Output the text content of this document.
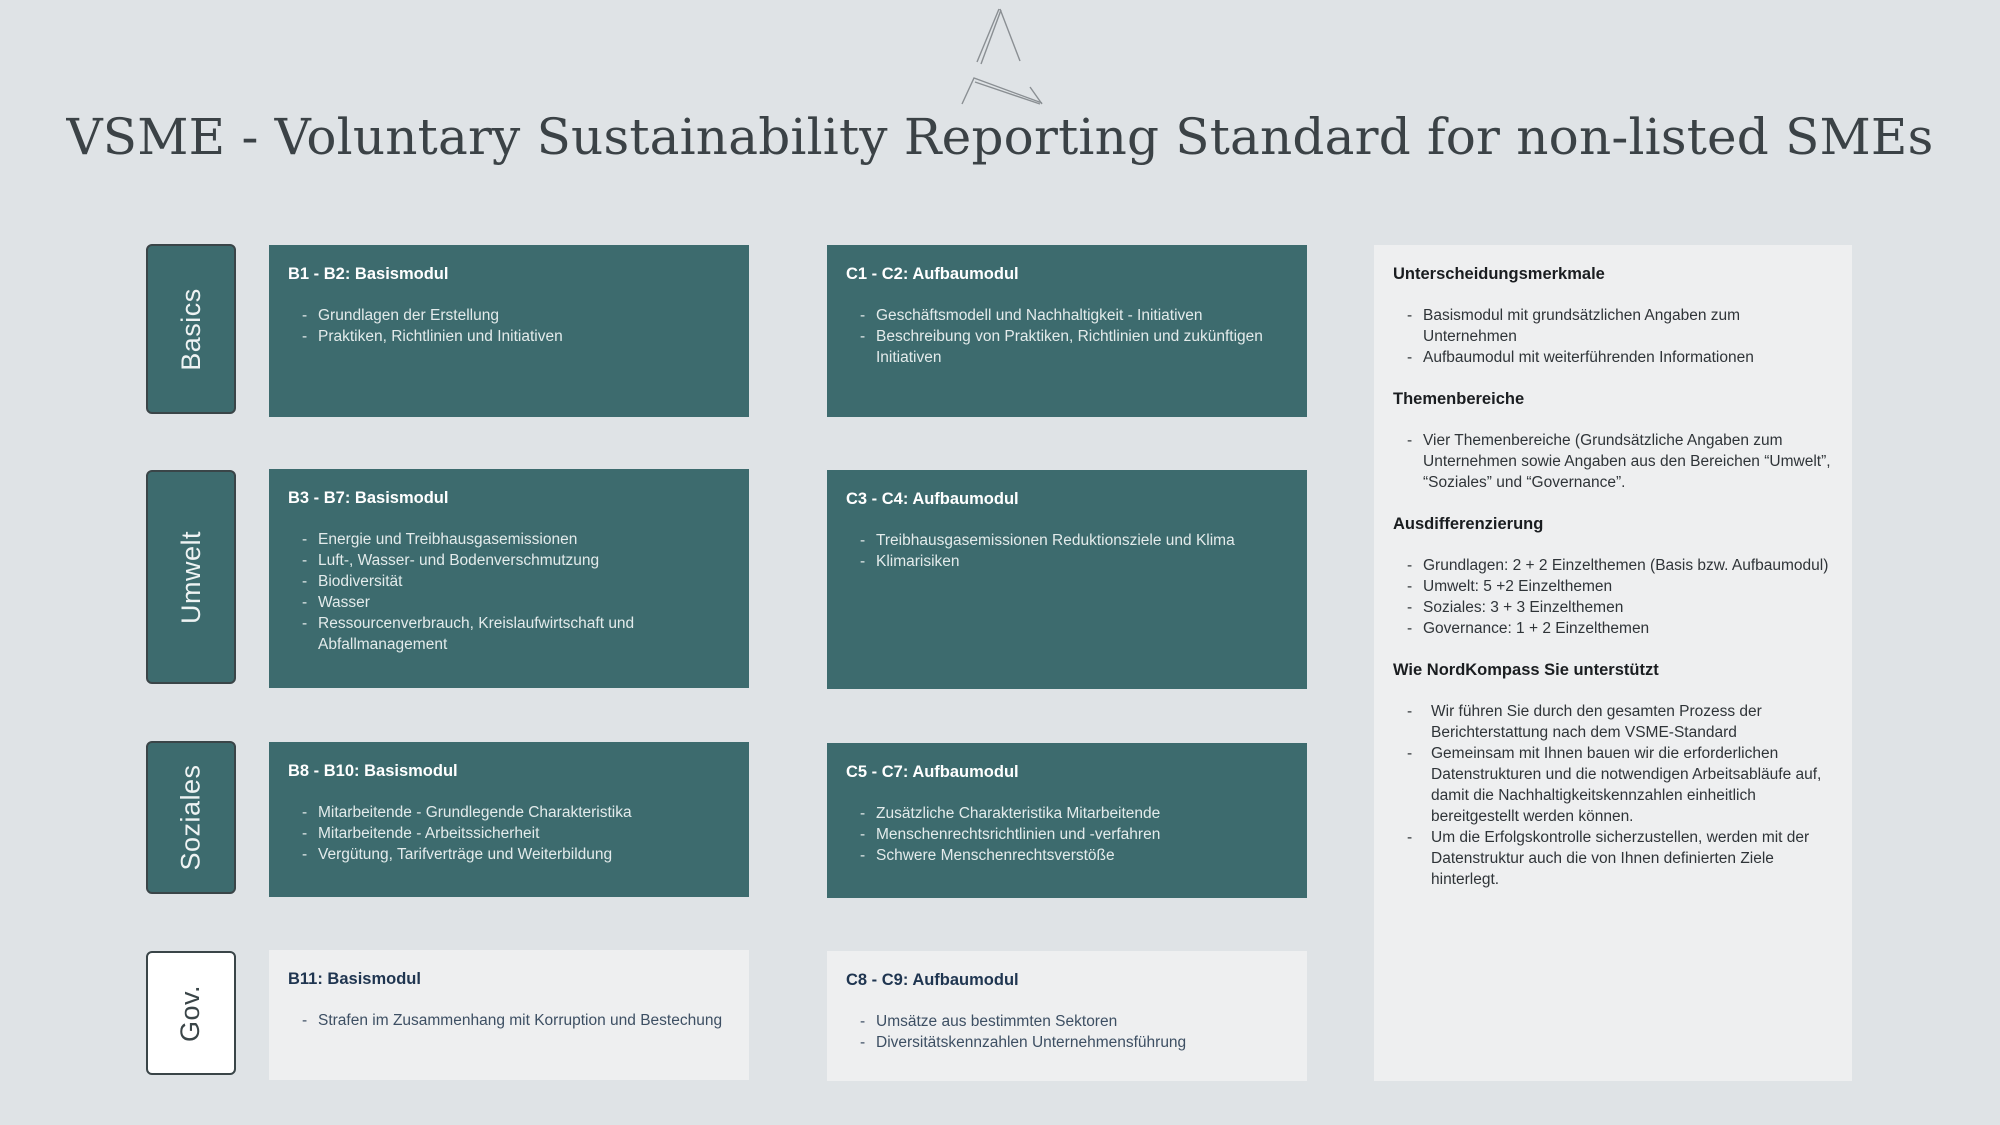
VSME - Voluntary Sustainability Reporting Standard for non-listed SMEs
Basics
Umwelt
Soziales
Gov.
B1 - B2: Basismodul
- Grundlagen der Erstellung
- Praktiken, Richtlinien und Initiativen
C1 - C2: Aufbaumodul
- Geschäftsmodell und Nachhaltigkeit - Initiativen
- Beschreibung von Praktiken, Richtlinien und zukünftigen Initiativen
B3 - B7: Basismodul
- Energie und Treibhausgasemissionen
- Luft-, Wasser- und Bodenverschmutzung
- Biodiversität
- Wasser
- Ressourcenverbrauch, Kreislaufwirtschaft und Abfallmanagement
C3 - C4: Aufbaumodul
- Treibhausgasemissionen Reduktionsziele und Klima
- Klimarisiken
B8 - B10: Basismodul
- Mitarbeitende - Grundlegende Charakteristika
- Mitarbeitende - Arbeitssicherheit
- Vergütung, Tarifverträge und Weiterbildung
C5 - C7: Aufbaumodul
- Zusätzliche Charakteristika Mitarbeitende
- Menschenrechtsrichtlinien und -verfahren
- Schwere Menschenrechtsverstöße
B11: Basismodul
- Strafen im Zusammenhang mit Korruption und Bestechung
C8 - C9: Aufbaumodul
- Umsätze aus bestimmten Sektoren
- Diversitätskennzahlen Unternehmensführung
Unterscheidungsmerkmale
- Basismodul mit grundsätzlichen Angaben zum Unternehmen
- Aufbaumodul mit weiterführenden Informationen
Themenbereiche
- Vier Themenbereiche (Grundsätzliche Angaben zum Unternehmen sowie Angaben aus den Bereichen “Umwelt”, “Soziales” und “Governance”.
Ausdifferenzierung
- Grundlagen: 2 + 2 Einzelthemen (Basis bzw. Aufbaumodul)
- Umwelt: 5 +2 Einzelthemen
- Soziales: 3 + 3 Einzelthemen
- Governance: 1 + 2 Einzelthemen
Wie NordKompass Sie unterstützt
- Wir führen Sie durch den gesamten Prozess der Berichterstattung nach dem VSME-Standard
- Gemeinsam mit Ihnen bauen wir die erforderlichen Datenstrukturen und die notwendigen Arbeitsabläufe auf, damit die Nachhaltigkeitskennzahlen einheitlich bereitgestellt werden können.
- Um die Erfolgskontrolle sicherzustellen, werden mit der Datenstruktur auch die von Ihnen definierten Ziele hinterlegt.
